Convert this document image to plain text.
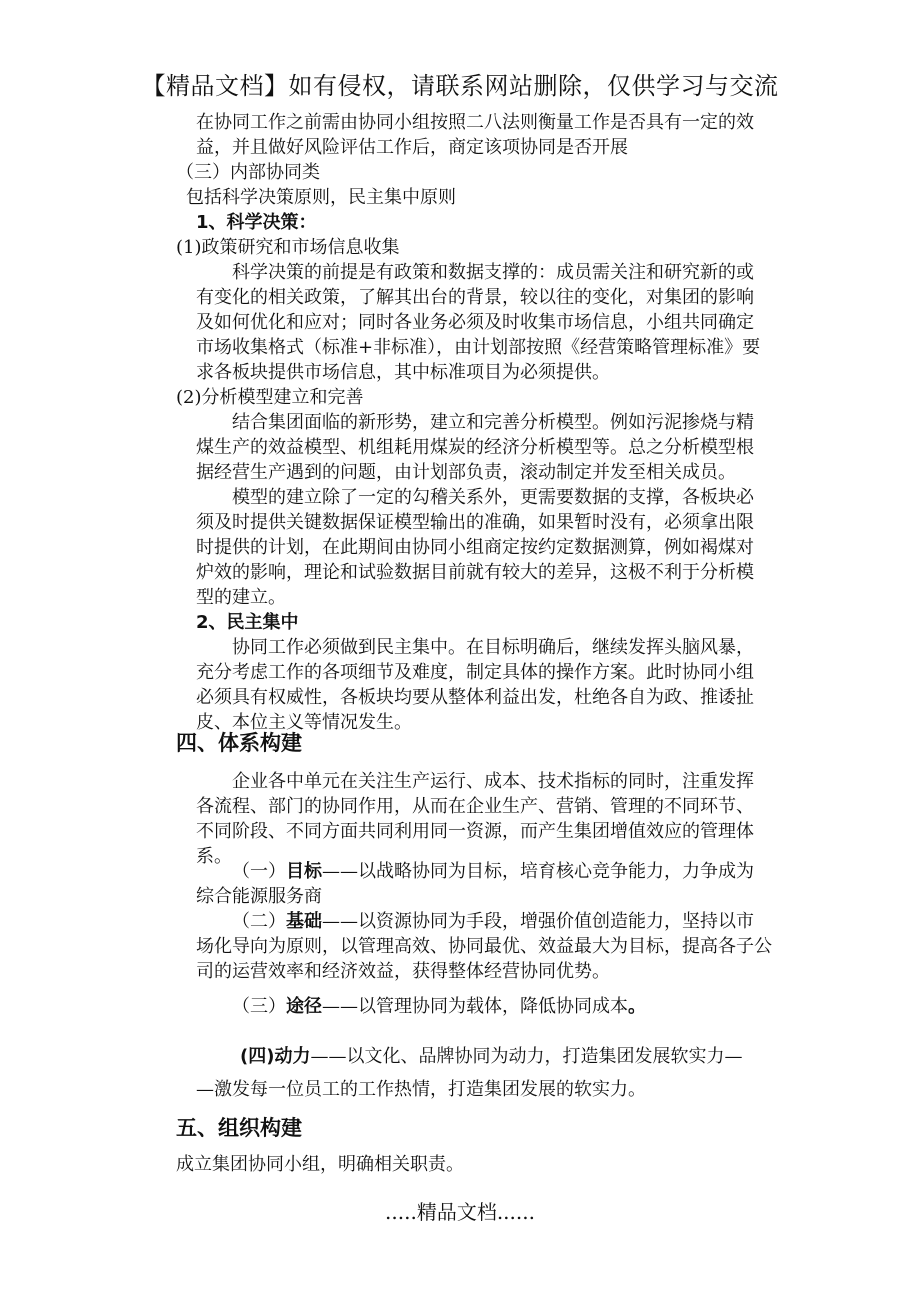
【精品文档】如有侵权，请联系网站删除，仅供学习与交流
在协同工作之前需由协同小组按照二八法则衡量工作是否具有一定的效
益，并且做好风险评估工作后，商定该项协同是否开展
（三）内部协同类
包括科学决策原则，民主集中原则
1、科学决策：
(1)政策研究和市场信息收集
科学决策的前提是有政策和数据支撑的：成员需关注和研究新的或
有变化的相关政策，了解其出台的背景，较以往的变化，对集团的影响
及如何优化和应对；同时各业务必须及时收集市场信息，小组共同确定
市场收集格式（标准+非标准），由计划部按照《经营策略管理标准》要
求各板块提供市场信息，其中标准项目为必须提供。
(2)分析模型建立和完善
结合集团面临的新形势，建立和完善分析模型。例如污泥掺烧与精
煤生产的效益模型、机组耗用煤炭的经济分析模型等。总之分析模型根
据经营生产遇到的问题，由计划部负责，滚动制定并发至相关成员。
模型的建立除了一定的勾稽关系外，更需要数据的支撑，各板块必
须及时提供关键数据保证模型输出的准确，如果暂时没有，必须拿出限
时提供的计划，在此期间由协同小组商定按约定数据测算，例如褐煤对
炉效的影响，理论和试验数据目前就有较大的差异，这极不利于分析模
型的建立。
2、民主集中
协同工作必须做到民主集中。在目标明确后，继续发挥头脑风暴，
充分考虑工作的各项细节及难度，制定具体的操作方案。此时协同小组
必须具有权威性，各板块均要从整体利益出发，杜绝各自为政、推诿扯
皮、本位主义等情况发生。
四、体系构建
企业各中单元在关注生产运行、成本、技术指标的同时，注重发挥
各流程、部门的协同作用，从而在企业生产、营销、管理的不同环节、
不同阶段、不同方面共同利用同一资源，而产生集团增值效应的管理体
系。
（一）目标——以战略协同为目标，培育核心竞争能力，力争成为
综合能源服务商
（二）基础——以资源协同为手段，增强价值创造能力，坚持以市
场化导向为原则，以管理高效、协同最优、效益最大为目标，提高各子公
司的运营效率和经济效益，获得整体经营协同优势。
（三）途径——以管理协同为载体，降低协同成本。
(四)动力——以文化、品牌协同为动力，打造集团发展软实力—
—激发每一位员工的工作热情，打造集团发展的软实力。
五、组织构建
成立集团协同小组，明确相关职责。
.....精品文档......
